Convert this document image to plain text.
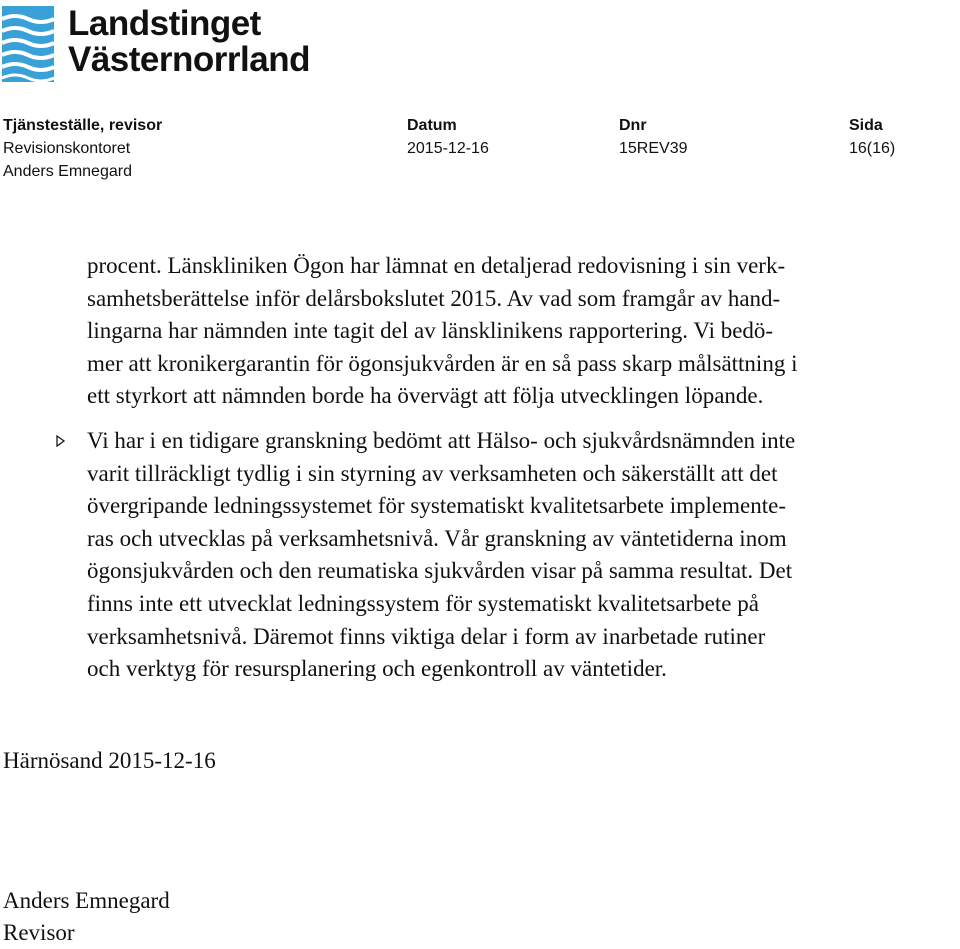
Landstinget
Västernorrland
Tjänsteställe, revisor
Revisionskontoret
Anders Emnegard
Datum
2015-12-16
Dnr
15REV39
Sida
16(16)
procent. Länskliniken Ögon har lämnat en detaljerad redovisning i sin verk-
samhetsberättelse inför delårsbokslutet 2015. Av vad som framgår av hand-
lingarna har nämnden inte tagit del av länsklinikens rapportering. Vi bedö-
mer att kronikergarantin för ögonsjukvården är en så pass skarp målsättning i
ett styrkort att nämnden borde ha övervägt att följa utvecklingen löpande.
Vi har i en tidigare granskning bedömt att Hälso- och sjukvårdsnämnden inte
varit tillräckligt tydlig i sin styrning av verksamheten och säkerställt att det
övergripande ledningssystemet för systematiskt kvalitetsarbete implemente-
ras och utvecklas på verksamhetsnivå. Vår granskning av väntetiderna inom
ögonsjukvården och den reumatiska sjukvården visar på samma resultat. Det
finns inte ett utvecklat ledningssystem för systematiskt kvalitetsarbete på
verksamhetsnivå. Däremot finns viktiga delar i form av inarbetade rutiner
och verktyg för resursplanering och egenkontroll av väntetider.
Härnösand 2015-12-16
Anders Emnegard
Revisor
